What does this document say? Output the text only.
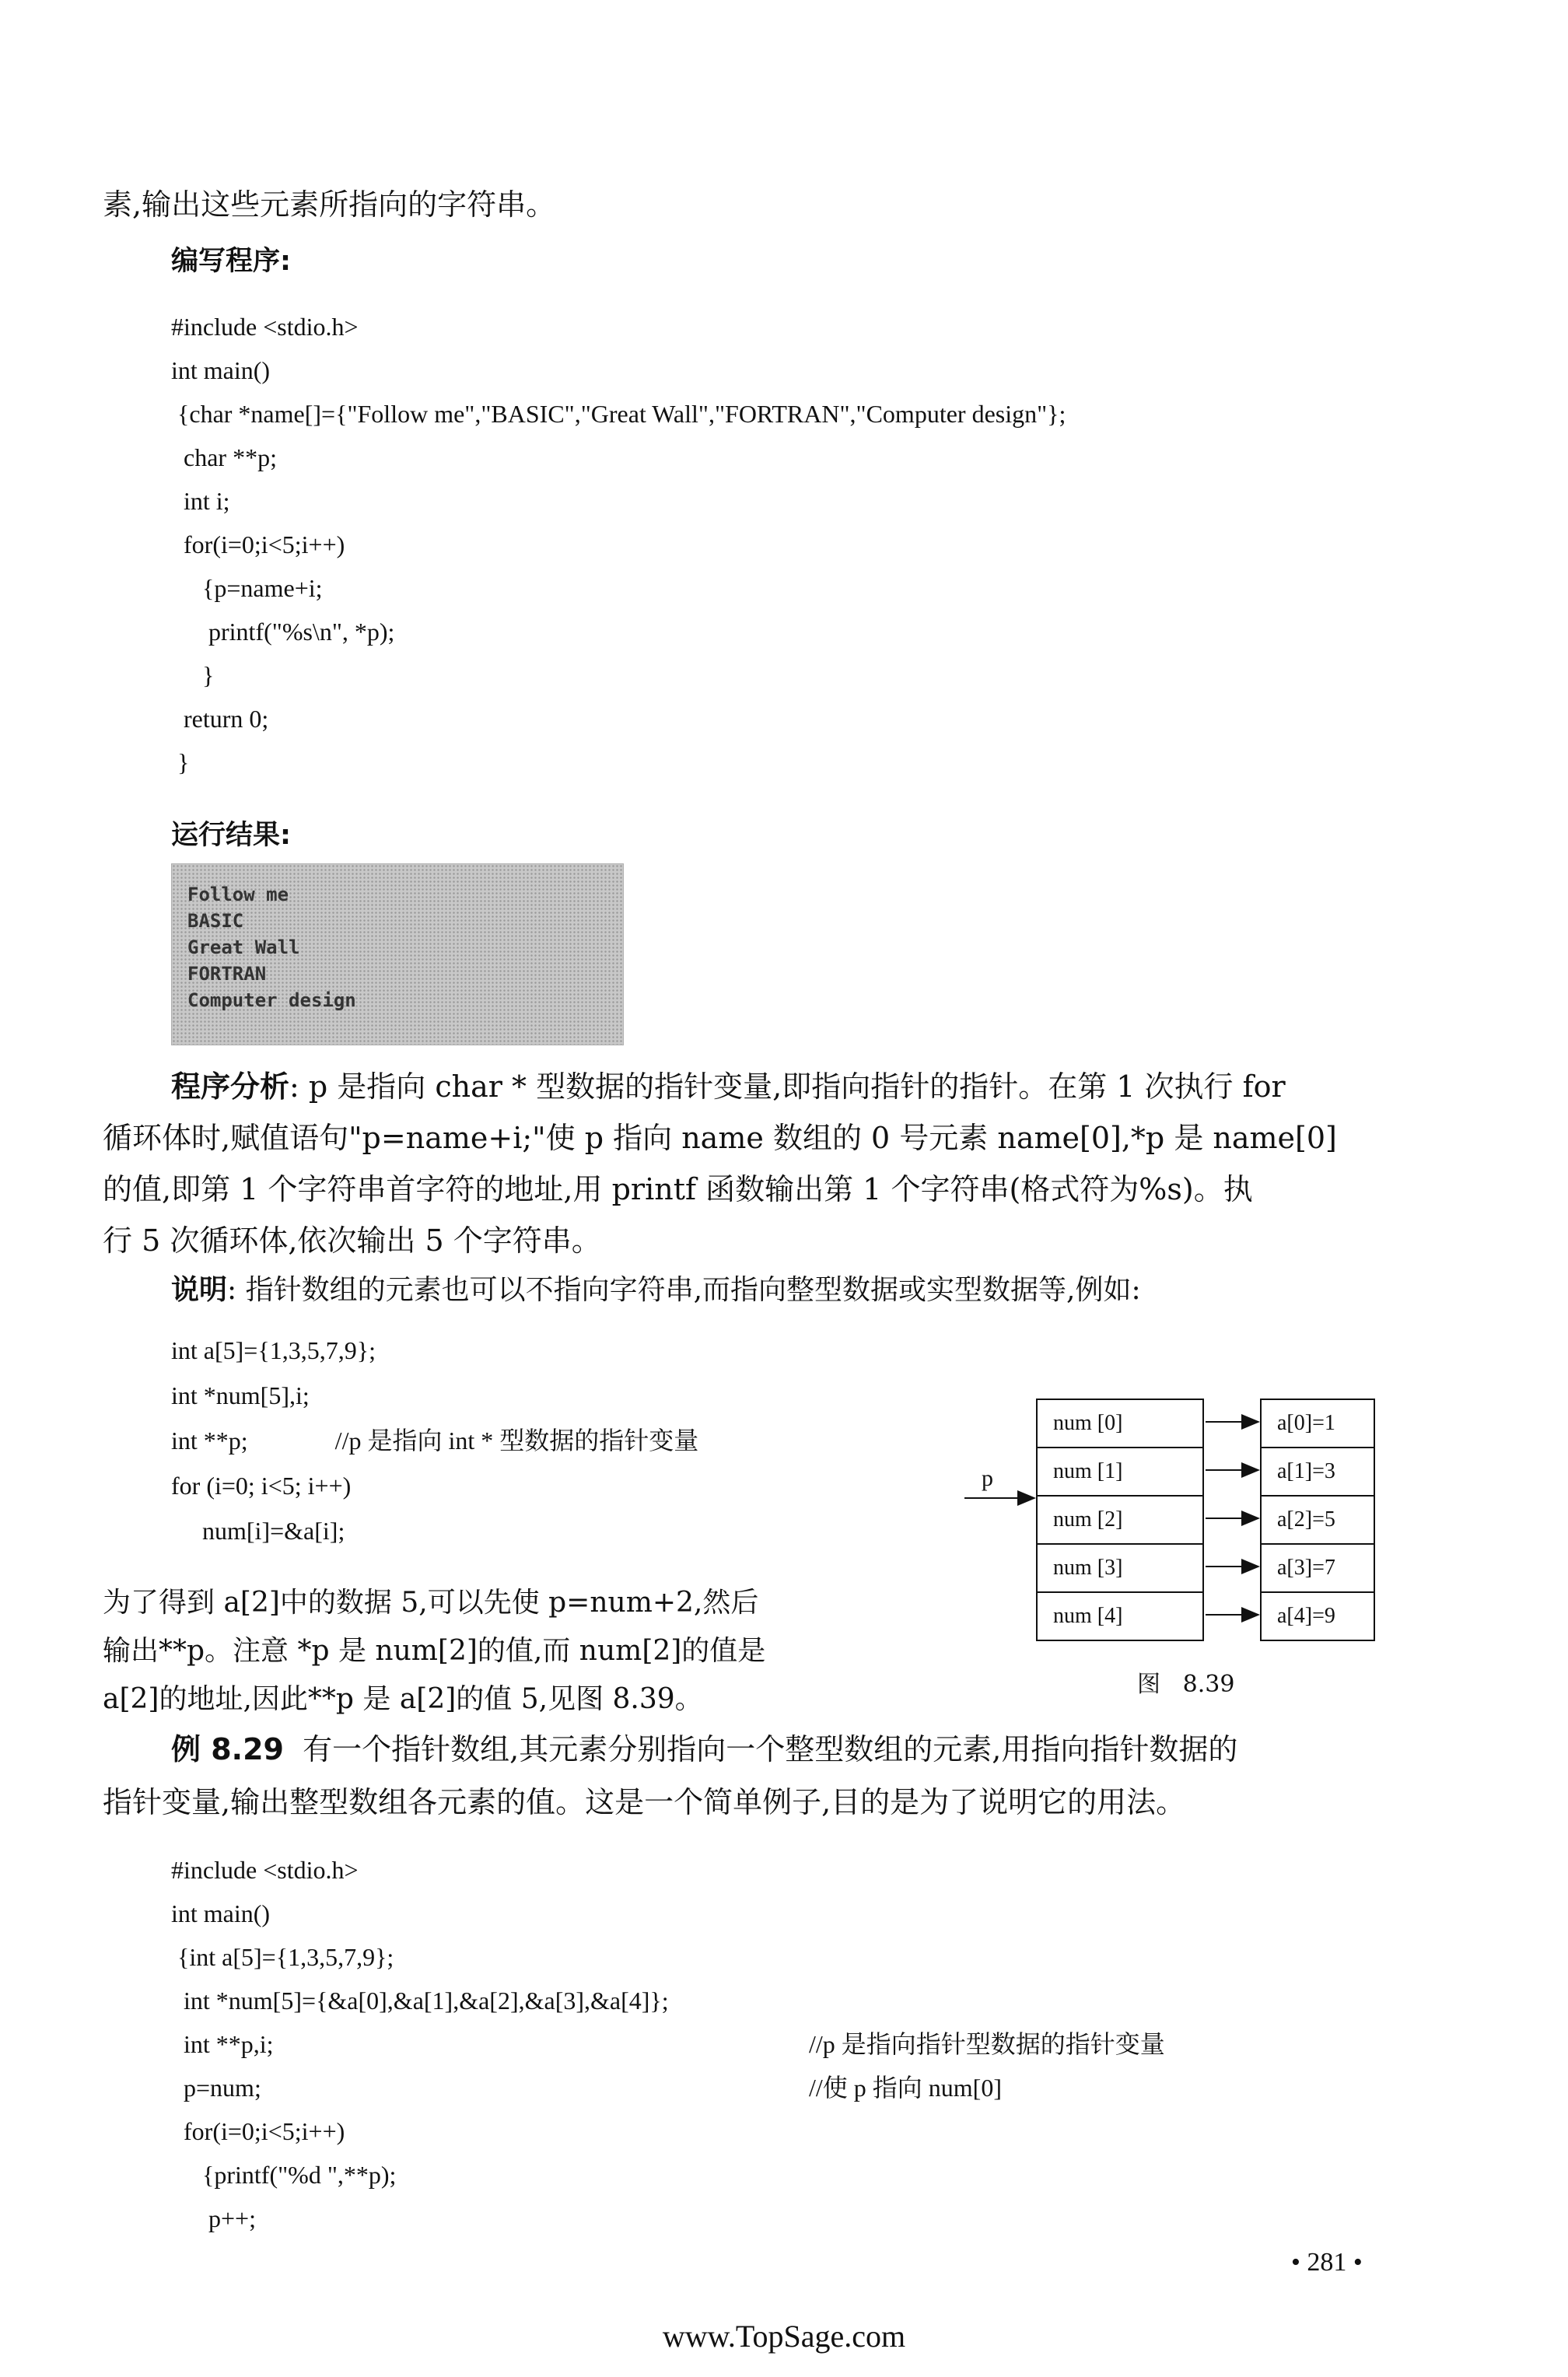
素,输出这些元素所指向的字符串。
编写程序:
#include <stdio.h>
int main()
{char *name[]={"Follow me","BASIC","Great Wall","FORTRAN","Computer design"};
char **p;
int i;
for(i=0;i<5;i++)
{p=name+i;
printf("%s\n", *p);
}
return 0;
}
运行结果:
Follow me
BASIC
Great Wall
FORTRAN
Computer design
程序分析: p 是指向 char * 型数据的指针变量,即指向指针的指针。在第 1 次执行 for
循环体时,赋值语句"p=name+i;"使 p 指向 name 数组的 0 号元素 name[0],*p 是 name[0]
的值,即第 1 个字符串首字符的地址,用 printf 函数输出第 1 个字符串(格式符为%s)。执
行 5 次循环体,依次输出 5 个字符串。
说明: 指针数组的元素也可以不指向字符串,而指向整型数据或实型数据等,例如:
int a[5]={1,3,5,7,9};
int *num[5],i;
int **p;              //p 是指向 int * 型数据的指针变量
for (i=0; i<5; i++)
num[i]=&a[i];
为了得到 a[2]中的数据 5,可以先使 p=num+2,然后
输出**p。注意 *p 是 num[2]的值,而 num[2]的值是
a[2]的地址,因此**p 是 a[2]的值 5,见图 8.39。
p
num [0]
num [1]
num [2]
num [3]
num [4]
a[0]=1
a[1]=3
a[2]=5
a[3]=7
a[4]=9
图   8.39
例 8.29 有一个指针数组,其元素分别指向一个整型数组的元素,用指向指针数据的
指针变量,输出整型数组各元素的值。这是一个简单例子,目的是为了说明它的用法。
#include <stdio.h>
int main()
{int a[5]={1,3,5,7,9};
int *num[5]={&a[0],&a[1],&a[2],&a[3],&a[4]};
int **p,i;
p=num;
for(i=0;i<5;i++)
{printf("%d ",**p);
p++;
//p 是指向指针型数据的指针变量
//使 p 指向 num[0]
• 281 •
www.TopSage.com
